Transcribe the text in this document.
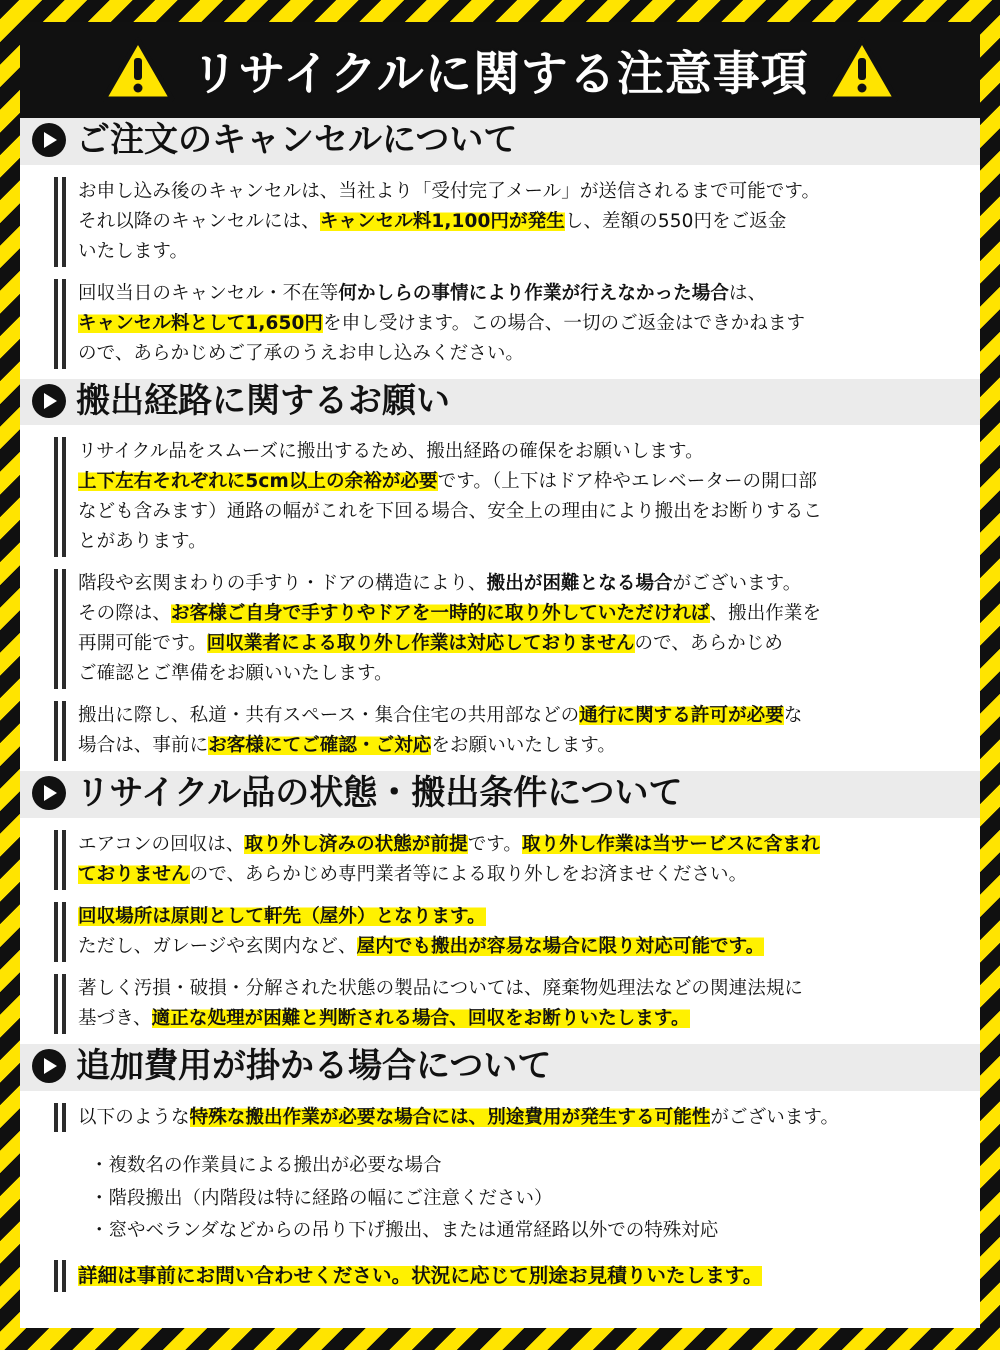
リサイクルに関する注意事項
ご注文のキャンセルについて
お申し込み後のキャンセルは、当社より「受付完了メール」が送信されるまで可能です。
それ以降のキャンセルには、キャンセル料1,100円が発生し、差額の550円をご返金
いたします。
回収当日のキャンセル・不在等何かしらの事情により作業が行えなかった場合は、
キャンセル料として1,650円を申し受けます。この場合、一切のご返金はできかねます
ので、あらかじめご了承のうえお申し込みください。
搬出経路に関するお願い
リサイクル品をスムーズに搬出するため、搬出経路の確保をお願いします。
上下左右それぞれに5cm以上の余裕が必要です。（上下はドア枠やエレベーターの開口部
なども含みます）通路の幅がこれを下回る場合、安全上の理由により搬出をお断りするこ
とがあります。
階段や玄関まわりの手すり・ドアの構造により、搬出が困難となる場合がございます。
その際は、お客様ご自身で手すりやドアを一時的に取り外していただければ、搬出作業を
再開可能です。回収業者による取り外し作業は対応しておりませんので、あらかじめ
ご確認とご準備をお願いいたします。
搬出に際し、私道・共有スペース・集合住宅の共用部などの通行に関する許可が必要な
場合は、事前にお客様にてご確認・ご対応をお願いいたします。
リサイクル品の状態・搬出条件について
エアコンの回収は、取り外し済みの状態が前提です。取り外し作業は当サービスに含まれ
ておりませんので、あらかじめ専門業者等による取り外しをお済ませください。
回収場所は原則として軒先（屋外）となります。
ただし、ガレージや玄関内など、屋内でも搬出が容易な場合に限り対応可能です。
著しく汚損・破損・分解された状態の製品については、廃棄物処理法などの関連法規に
基づき、適正な処理が困難と判断される場合、回収をお断りいたします。
追加費用が掛かる場合について
以下のような特殊な搬出作業が必要な場合には、別途費用が発生する可能性がございます。
・ 複数名の作業員による搬出が必要な場合
・ 階段搬出（内階段は特に経路の幅にご注意ください）
・ 窓やベランダなどからの吊り下げ搬出、または通常経路以外での特殊対応
詳細は事前にお問い合わせください。状況に応じて別途お見積りいたします。
